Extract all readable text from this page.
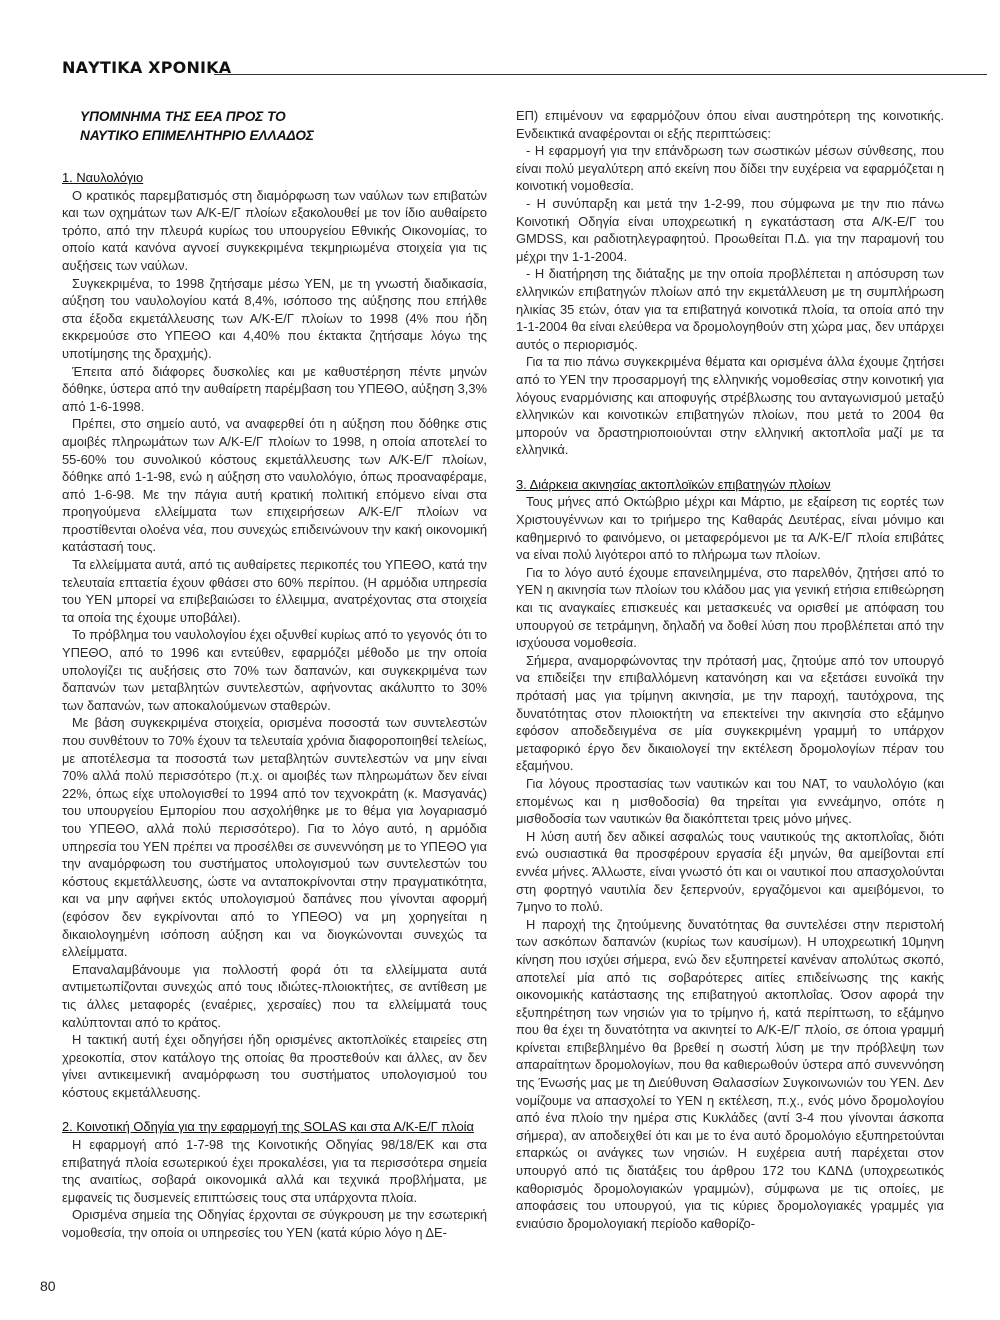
ΝΑΥΤΙΚΑ ΧΡΟΝΙΚΑ
ΥΠΟΜΝΗΜΑ ΤΗΣ ΕΕΑ ΠΡΟΣ ΤΟ
ΝΑΥΤΙΚΟ ΕΠΙΜΕΛΗΤΗΡΙΟ ΕΛΛΑΔΟΣ
1. Ναυλολόγιο

Ο κρατικός παρεμβατισμός στη διαμόρφωση των ναύλων των επιβατών και των οχημάτων των Α/Κ-Ε/Γ πλοίων εξακολουθεί με τον ίδιο αυθαίρετο τρόπο, από την πλευρά κυρίως του υπουργείου Εθνικής Οικονομίας, το οποίο κατά κανόνα αγνοεί συγκεκριμένα τεκμηριωμένα στοιχεία για τις αυξήσεις των ναύλων.

Συγκεκριμένα, το 1998 ζητήσαμε μέσω ΥΕΝ, με τη γνωστή διαδικασία, αύξηση του ναυλολογίου κατά 8,4%, ισόποσο της αύξησης που επήλθε στα έξοδα εκμετάλλευσης των Α/Κ-Ε/Γ πλοίων το 1998 (4% που ήδη εκκρεμούσε στο ΥΠΕΘΟ και 4,40% που έκτακτα ζητήσαμε λόγω της υποτίμησης της δραχμής).

Έπειτα από διάφορες δυσκολίες και με καθυστέρηση πέντε μηνών δόθηκε, ύστερα από την αυθαίρετη παρέμβαση του ΥΠΕΘΟ, αύξηση 3,3% από 1-6-1998.

Πρέπει, στο σημείο αυτό, να αναφερθεί ότι η αύξηση που δόθηκε στις αμοιβές πληρωμάτων των Α/Κ-Ε/Γ πλοίων το 1998, η οποία αποτελεί το 55-60% του συνολικού κόστους εκμετάλλευσης των Α/Κ-Ε/Γ πλοίων, δόθηκε από 1-1-98, ενώ η αύξηση στο ναυλολόγιο, όπως προαναφέραμε, από 1-6-98. Με την πάγια αυτή κρατική πολιτική επόμενο είναι στα προηγούμενα ελλείμματα των επιχειρήσεων Α/Κ-Ε/Γ πλοίων να προστίθενται ολοένα νέα, που συνεχώς επιδεινώνουν την κακή οικονομική κατάστασή τους.

Τα ελλείμματα αυτά, από τις αυθαίρετες περικοπές του ΥΠΕΘΟ, κατά την τελευταία επταετία έχουν φθάσει στο 60% περίπου. (Η αρμόδια υπηρεσία του ΥΕΝ μπορεί να επιβεβαιώσει το έλλειμμα, ανατρέχοντας στα στοιχεία τα οποία της έχουμε υποβάλει).

Το πρόβλημα του ναυλολογίου έχει οξυνθεί κυρίως από το γεγονός ότι το ΥΠΕΘΟ, από το 1996 και εντεύθεν, εφαρμόζει μέθοδο με την οποία υπολογίζει τις αυξήσεις στο 70% των δαπανών, και συγκεκριμένα των δαπανών των μεταβλητών συντελεστών, αφήνοντας ακάλυπτο το 30% των δαπανών, των αποκαλούμενων σταθερών.

Με βάση συγκεκριμένα στοιχεία, ορισμένα ποσοστά των συντελεστών που συνθέτουν το 70% έχουν τα τελευταία χρόνια διαφοροποιηθεί τελείως, με αποτέλεσμα τα ποσοστά των μεταβλητών συντελεστών να μην είναι 70% αλλά πολύ περισσότερο (π.χ. οι αμοιβές των πληρωμάτων δεν είναι 22%, όπως είχε υπολογισθεί το 1994 από τον τεχνοκράτη (κ. Μασγανάς) του υπουργείου Εμπορίου που ασχολήθηκε με το θέμα για λογαριασμό του ΥΠΕΘΟ, αλλά πολύ περισσότερο). Για το λόγο αυτό, η αρμόδια υπηρεσία του ΥΕΝ πρέπει να προσέλθει σε συνεννόηση με το ΥΠΕΘΟ για την αναμόρφωση του συστήματος υπολογισμού των συντελεστών του κόστους εκμετάλλευσης, ώστε να ανταποκρίνονται στην πραγματικότητα, και να μην αφήνει εκτός υπολογισμού δαπάνες που γίνονται αφορμή (εφόσον δεν εγκρίνονται από το ΥΠΕΘΟ) να μη χορηγείται η δικαιολογημένη ισόποση αύξηση και να διογκώνονται συνεχώς τα ελλείμματα.

Επαναλαμβάνουμε για πολλοστή φορά ότι τα ελλείμματα αυτά αντιμετωπίζονται συνεχώς από τους ιδιώτες-πλοιοκτήτες, σε αντίθεση με τις άλλες μεταφορές (εναέριες, χερσαίες) που τα ελλείμματά τους καλύπτονται από το κράτος.

Η τακτική αυτή έχει οδηγήσει ήδη ορισμένες ακτοπλοϊκές εταιρείες στη χρεοκοπία, στον κατάλογο της οποίας θα προστεθούν και άλλες, αν δεν γίνει αντικειμενική αναμόρφωση του συστήματος υπολογισμού του κόστους εκμετάλλευσης.

2. Κοινοτική Οδηγία για την εφαρμογή της SOLAS και στα Α/Κ-Ε/Γ πλοία

Η εφαρμογή από 1-7-98 της Κοινοτικής Οδηγίας 98/18/ΕΚ και στα επιβατηγά πλοία εσωτερικού έχει προκαλέσει, για τα περισσότερα σημεία της αναιτίως, σοβαρά οικονομικά αλλά και τεχνικά προβλήματα, με εμφανείς τις δυσμενείς επιπτώσεις τους στα υπάρχοντα πλοία.

Ορισμένα σημεία της Οδηγίας έρχονται σε σύγκρουση με την εσωτερική νομοθεσία, την οποία οι υπηρεσίες του ΥΕΝ (κατά κύριο λόγο η ΔΕ-

ΕΠ) επιμένουν να εφαρμόζουν όπου είναι αυστηρότερη της κοινοτικής. Ενδεικτικά αναφέρονται οι εξής περιπτώσεις:

- Η εφαρμογή για την επάνδρωση των σωστικών μέσων σύνθεσης, που είναι πολύ μεγαλύτερη από εκείνη που δίδει την ευχέρεια να εφαρμόζεται η κοινοτική νομοθεσία.

- Η συνύπαρξη και μετά την 1-2-99, που σύμφωνα με την πιο πάνω Κοινοτική Οδηγία είναι υποχρεωτική η εγκατάσταση στα Α/Κ-Ε/Γ του GMDSS, και ραδιοτηλεγραφητού. Προωθείται Π.Δ. για την παραμονή του μέχρι την 1-1-2004.

- Η διατήρηση της διάταξης με την οποία προβλέπεται η απόσυρση των ελληνικών επιβατηγών πλοίων από την εκμετάλλευση με τη συμπλήρωση ηλικίας 35 ετών, όταν για τα επιβατηγά κοινοτικά πλοία, τα οποία από την 1-1-2004 θα είναι ελεύθερα να δρομολογηθούν στη χώρα μας, δεν υπάρχει αυτός ο περιορισμός.

Για τα πιο πάνω συγκεκριμένα θέματα και ορισμένα άλλα έχουμε ζητήσει από το ΥΕΝ την προσαρμογή της ελληνικής νομοθεσίας στην κοινοτική για λόγους εναρμόνισης και αποφυγής στρέβλωσης του ανταγωνισμού μεταξύ ελληνικών και κοινοτικών επιβατηγών πλοίων, που μετά το 2004 θα μπορούν να δραστηριοποιούνται στην ελληνική ακτοπλοΐα μαζί με τα ελληνικά.

3. Διάρκεια ακινησίας ακτοπλοϊκών επιβατηγών πλοίων

Τους μήνες από Οκτώβριο μέχρι και Μάρτιο, με εξαίρεση τις εορτές των Χριστουγέννων και το τριήμερο της Καθαράς Δευτέρας, είναι μόνιμο και καθημερινό το φαινόμενο, οι μεταφερόμενοι με τα Α/Κ-Ε/Γ πλοία επιβάτες να είναι πολύ λιγότεροι από το πλήρωμα των πλοίων.

Για το λόγο αυτό έχουμε επανειλημμένα, στο παρελθόν, ζητήσει από το ΥΕΝ η ακινησία των πλοίων του κλάδου μας για γενική ετήσια επιθεώρηση και τις αναγκαίες επισκευές και μετασκευές να ορισθεί με απόφαση του υπουργού σε τετράμηνη, δηλαδή να δοθεί λύση που προβλέπεται από την ισχύουσα νομοθεσία.

Σήμερα, αναμορφώνοντας την πρότασή μας, ζητούμε από τον υπουργό να επιδείξει την επιβαλλόμενη κατανόηση και να εξετάσει ευνοϊκά την πρότασή μας για τρίμηνη ακινησία, με την παροχή, ταυτόχρονα, της δυνατότητας στον πλοιοκτήτη να επεκτείνει την ακινησία στο εξάμηνο εφόσον αποδεδειγμένα σε μία συγκεκριμένη γραμμή το υπάρχον μεταφορικό έργο δεν δικαιολογεί την εκτέλεση δρομολογίων πέραν του εξαμήνου.

Για λόγους προστασίας των ναυτικών και του ΝΑΤ, το ναυλολόγιο (και επομένως και η μισθοδοσία) θα τηρείται για εννεάμηνο, οπότε η μισθοδοσία των ναυτικών θα διακόπτεται τρεις μόνο μήνες.

Η λύση αυτή δεν αδικεί ασφαλώς τους ναυτικούς της ακτοπλοΐας, διότι ενώ ουσιαστικά θα προσφέρουν εργασία έξι μηνών, θα αμείβονται επί εννέα μήνες. Άλλωστε, είναι γνωστό ότι και οι ναυτικοί που απασχολούνται στη φορτηγό ναυτιλία δεν ξεπερνούν, εργαζόμενοι και αμειβόμενοι, το 7μηνο το πολύ.

Η παροχή της ζητούμενης δυνατότητας θα συντελέσει στην περιστολή των ασκόπων δαπανών (κυρίως των καυσίμων). Η υποχρεωτική 10μηνη κίνηση που ισχύει σήμερα, ενώ δεν εξυπηρετεί κανέναν απολύτως σκοπό, αποτελεί μία από τις σοβαρότερες αιτίες επιδείνωσης της κακής οικονομικής κατάστασης της επιβατηγού ακτοπλοΐας. Όσον αφορά την εξυπηρέτηση των νησιών για το τρίμηνο ή, κατά περίπτωση, το εξάμηνο που θα έχει τη δυνατότητα να ακινητεί το Α/Κ-Ε/Γ πλοίο, σε όποια γραμμή κρίνεται επιβεβλημένο θα βρεθεί η σωστή λύση με την πρόβλεψη των απαραίτητων δρομολογίων, που θα καθιερωθούν ύστερα από συνεννόηση της Ένωσής μας με τη Διεύθυνση Θαλασσίων Συγκοινωνιών του ΥΕΝ. Δεν νομίζουμε να απασχολεί το ΥΕΝ η εκτέλεση, π.χ., ενός μόνο δρομολογίου από ένα πλοίο την ημέρα στις Κυκλάδες (αντί 3-4 που γίνονται άσκοπα σήμερα), αν αποδειχθεί ότι και με το ένα αυτό δρομολόγιο εξυπηρετούνται επαρκώς οι ανάγκες των νησιών. Η ευχέρεια αυτή παρέχεται στον υπουργό από τις διατάξεις του άρθρου 172 του ΚΔΝΔ (υποχρεωτικός καθορισμός δρομολογιακών γραμμών), σύμφωνα με τις οποίες, με αποφάσεις του υπουργού, για τις κύριες δρομολογιακές γραμμές για ενιαύσιο δρομολογιακή περίοδο καθορίζο-

80
